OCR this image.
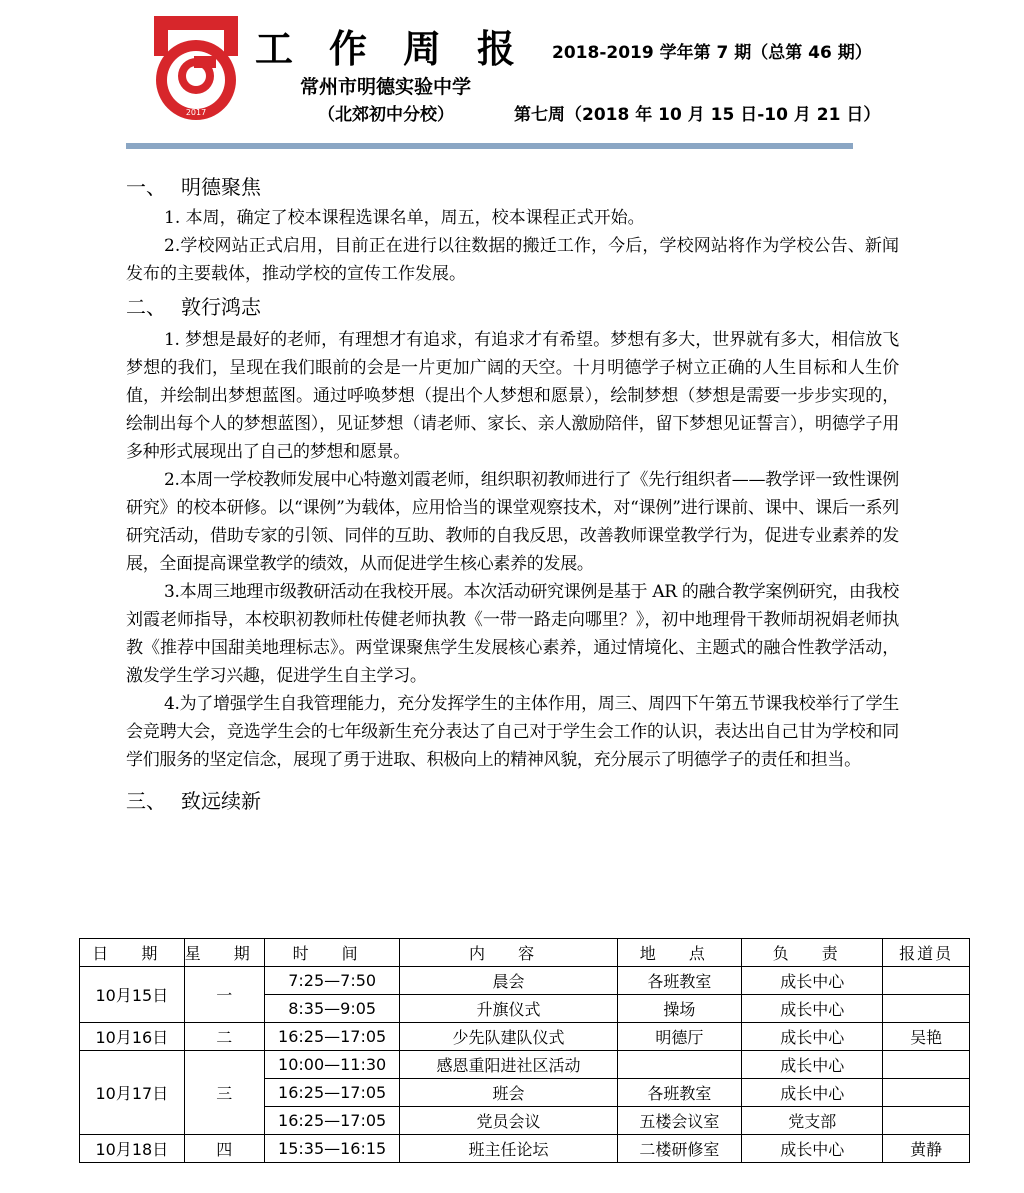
2017
工作周报 2018-2019 学年第 7 期（总第 46 期）
常州市明德实验中学
（北郊初中分校）	第七周（2018 年 10 月 15 日-10 月 21 日）
一、 明德聚焦

1. 本周，确定了校本课程选课名单，周五，校本课程正式开始。

2.学校网站正式启用，目前正在进行以往数据的搬迁工作，今后，学校网站将作为学校公告、新闻发布的主要载体，推动学校的宣传工作发展。

二、 敦行鸿志

1. 梦想是最好的老师，有理想才有追求，有追求才有希望。梦想有多大，世界就有多大，相信放飞梦想的我们，呈现在我们眼前的会是一片更加广阔的天空。十月明德学子树立正确的人生目标和人生价值，并绘制出梦想蓝图。通过呼唤梦想（提出个人梦想和愿景），绘制梦想（梦想是需要一步步实现的，绘制出每个人的梦想蓝图），见证梦想（请老师、家长、亲人激励陪伴，留下梦想见证誓言），明德学子用多种形式展现出了自己的梦想和愿景。

2.本周一学校教师发展中心特邀刘霞老师，组织职初教师进行了《先行组织者——教学评一致性课例研究》的校本研修。以“课例”为载体，应用恰当的课堂观察技术，对“课例”进行课前、课中、课后一系列研究活动，借助专家的引领、同伴的互助、教师的自我反思，改善教师课堂教学行为，促进专业素养的发展，全面提高课堂教学的绩效，从而促进学生核心素养的发展。

3.本周三地理市级教研活动在我校开展。本次活动研究课例是基于 AR 的融合教学案例研究，由我校刘霞老师指导，本校职初教师杜传健老师执教《一带一路走向哪里？》，初中地理骨干教师胡祝娟老师执教《推荐中国甜美地理标志》。两堂课聚焦学生发展核心素养，通过情境化、主题式的融合性教学活动，激发学生学习兴趣，促进学生自主学习。

4.为了增强学生自我管理能力，充分发挥学生的主体作用，周三、周四下午第五节课我校举行了学生会竞聘大会，竞选学生会的七年级新生充分表达了自己对于学生会工作的认识，表达出自己甘为学校和同学们服务的坚定信念，展现了勇于进取、积极向上的精神风貌，充分展示了明德学子的责任和担当。

三、 致远续新
日 期	星 期	时 间	内 容	地 点	负 责	报道员
10月15日	一	7:25—7:50	晨会	各班教室	成长中心	
		8:35—9:05	升旗仪式	操场	成长中心	
10月16日	二	16:25—17:05	少先队建队仪式	明德厅	成长中心	吴艳
10月17日	三	10:00—11:30	感恩重阳进社区活动		成长中心	
		16:25—17:05	班会	各班教室	成长中心	
		16:25—17:05	党员会议	五楼会议室	党支部	
10月18日	四	15:35—16:15	班主任论坛	二楼研修室	成长中心	黄静
